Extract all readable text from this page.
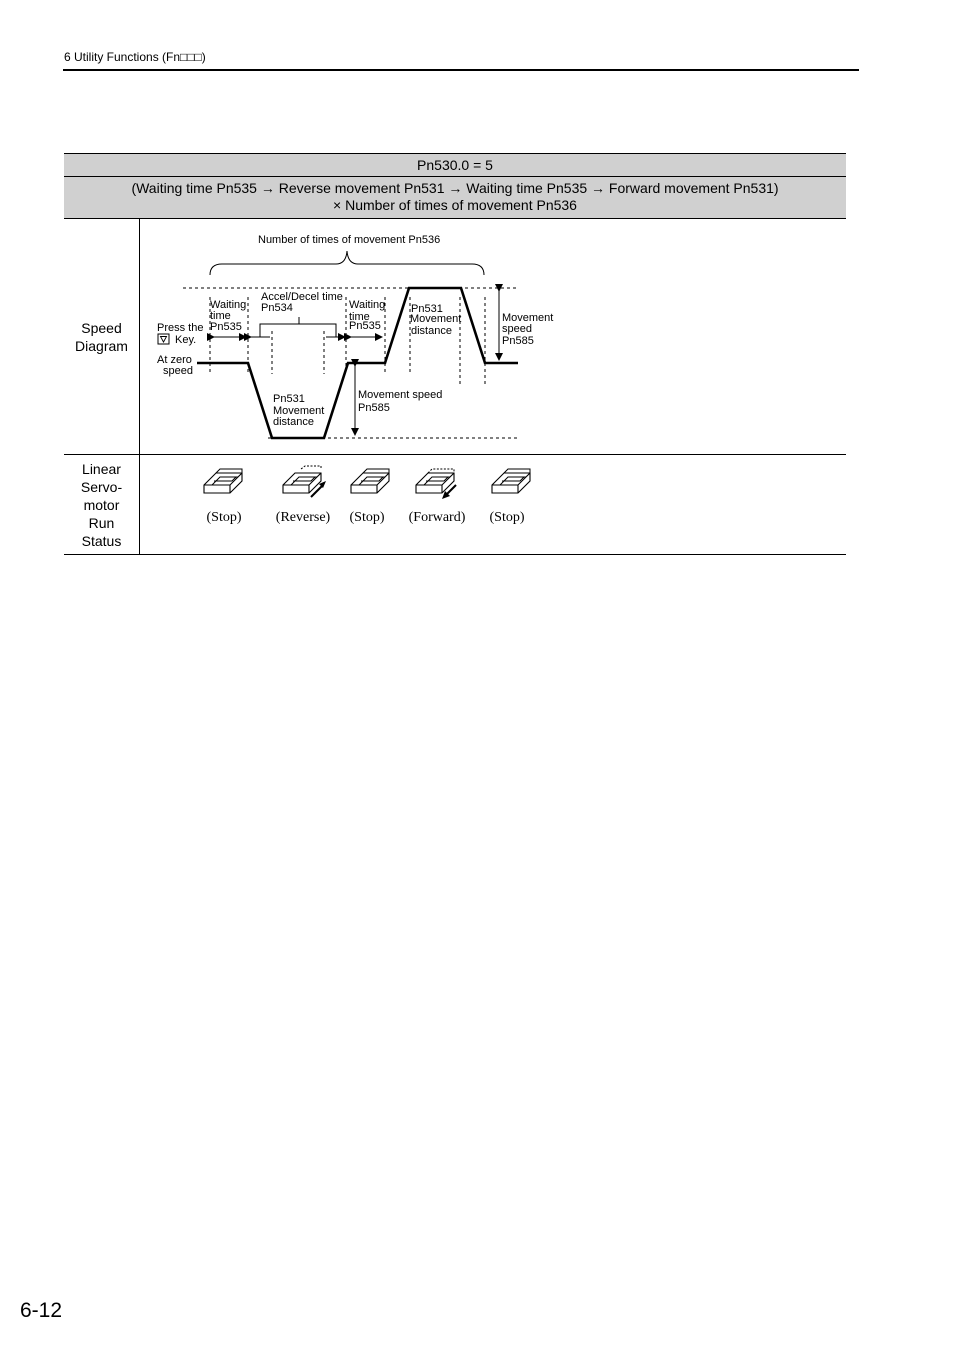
6 Utility Functions (Fn□□□)
Pn530.0 = 5
(Waiting time Pn535 → Reverse movement Pn531 → Waiting time Pn535 → Forward movement Pn531)
× Number of times of movement Pn536
Speed
Diagram
Number of times of movement Pn536
Waiting
time
Pn535
Accel/Decel time
Pn534	Waiting
time
Pn535
Press the
Key.
At zero
speed
Pn531
Movement
distance
Movement
speed
Pn585
Pn531
Movement
distance
Movement speed
Pn585
Linear
Servo-
motor
Run
Status
(Stop) (Reverse) (Stop) (Forward) (Stop)
6-12
